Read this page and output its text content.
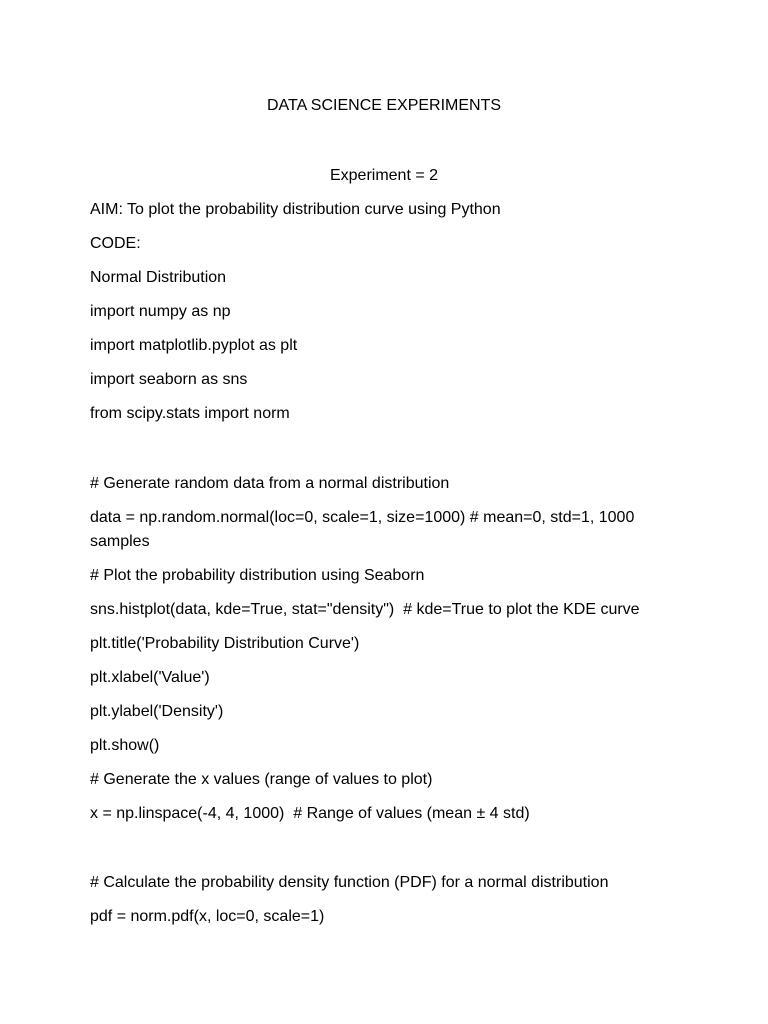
DATA SCIENCE EXPERIMENTS
Experiment = 2
AIM: To plot the probability distribution curve using Python
CODE:
Normal Distribution
import numpy as np
import matplotlib.pyplot as plt
import seaborn as sns
from scipy.stats import norm
# Generate random data from a normal distribution
data = np.random.normal(loc=0, scale=1, size=1000) # mean=0, std=1, 1000 samples
# Plot the probability distribution using Seaborn
sns.histplot(data, kde=True, stat="density")  # kde=True to plot the KDE curve
plt.title('Probability Distribution Curve')
plt.xlabel('Value')
plt.ylabel('Density')
plt.show()
# Generate the x values (range of values to plot)
x = np.linspace(-4, 4, 1000)  # Range of values (mean ± 4 std)
# Calculate the probability density function (PDF) for a normal distribution
pdf = norm.pdf(x, loc=0, scale=1)
